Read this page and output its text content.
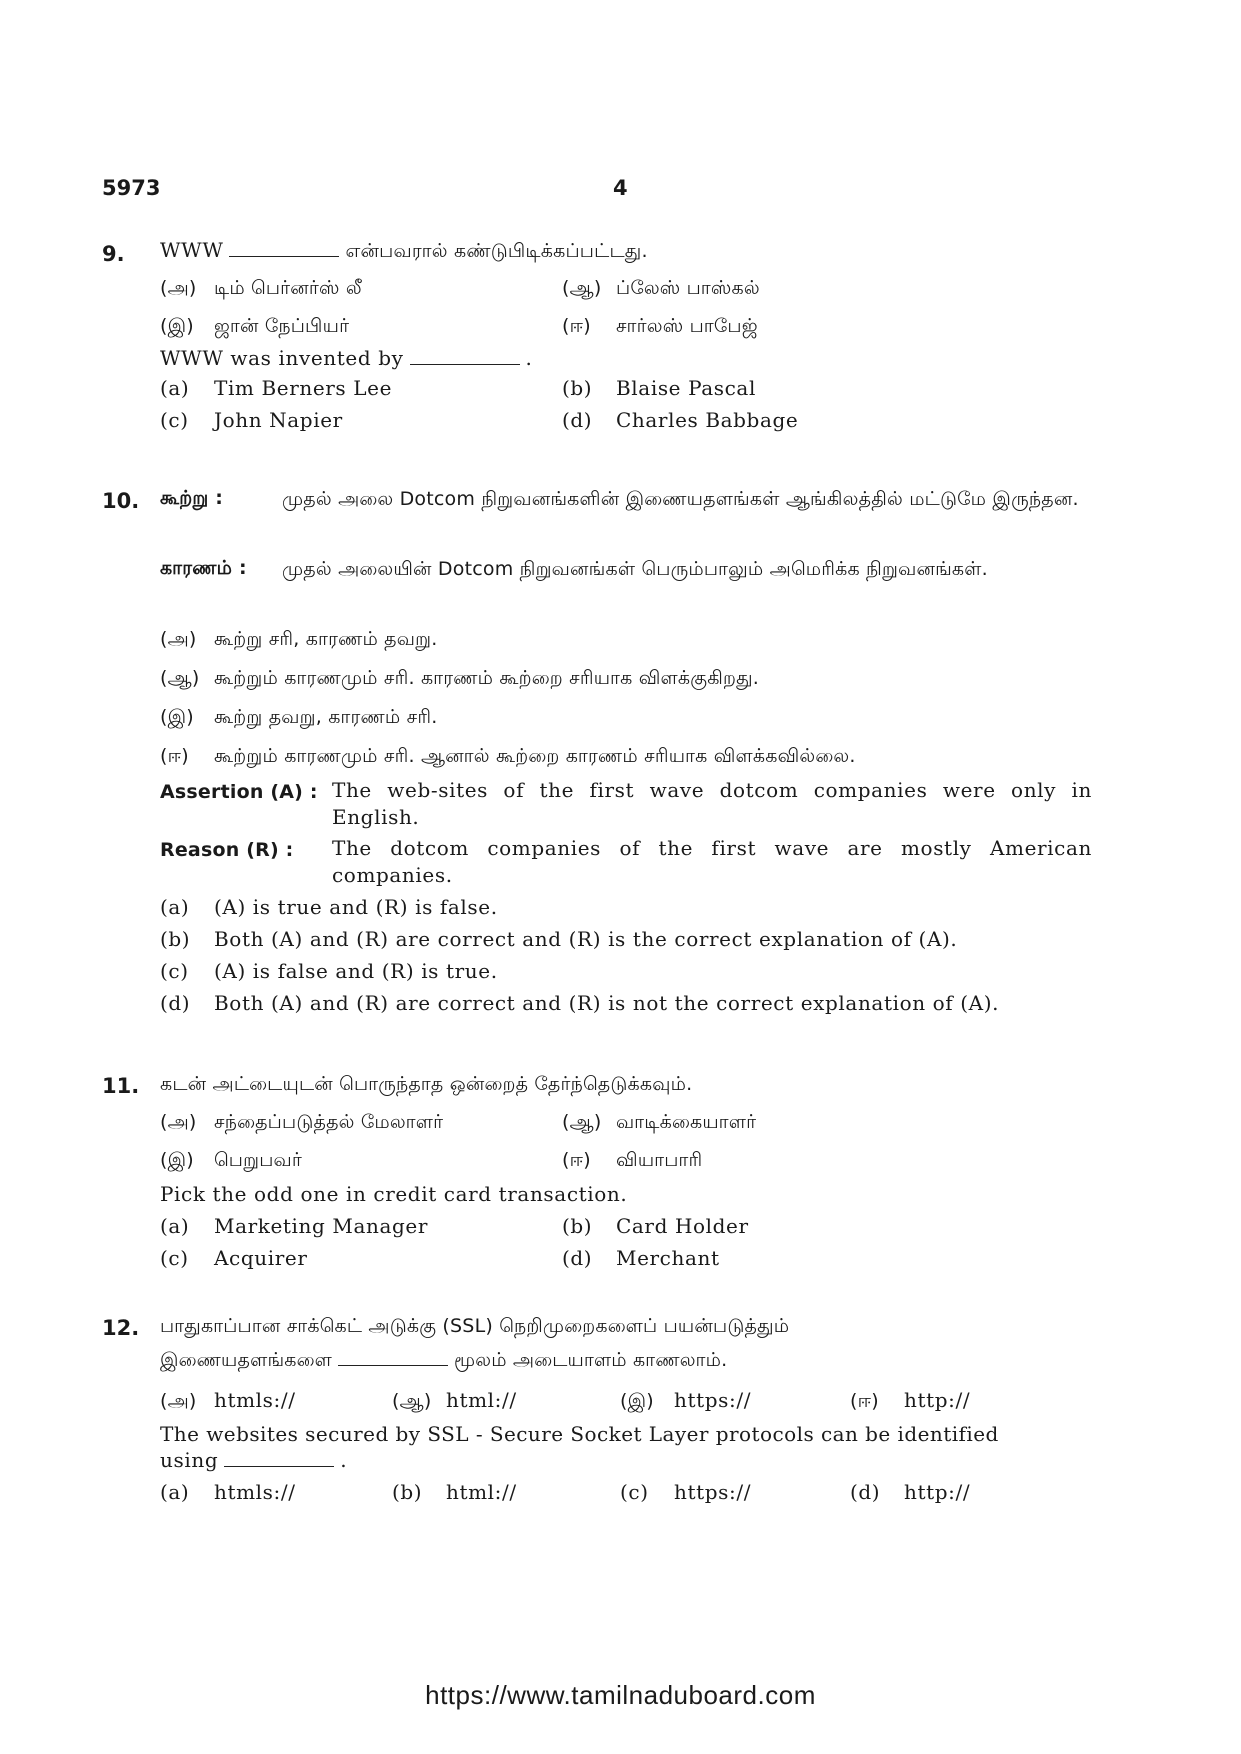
5973	4
9. WWW	என்பவரால் கண்டுபிடிக்கப்பட்டது.
(அ) டிம் பெர்னர்ஸ் லீ	(ஆ) ப்லேஸ் பாஸ்கல்
(இ) ஜான் நேப்பியர்	(ஈ) சார்லஸ் பாபேஜ்
WWW was invented by	.
(a) Tim Berners Lee	(b) Blaise Pascal
(c) John Napier	(d) Charles Babbage
10. கூற்று :	முதல் அலை Dotcom நிறுவனங்களின் இணையதளங்கள் ஆங்கிலத்தில் மட்டுமே இருந்தன.
காரணம் : முதல் அலையின் Dotcom நிறுவனங்கள் பெரும்பாலும் அமெரிக்க நிறுவனங்கள்.
(அ) கூற்று சரி, காரணம் தவறு.
(ஆ) கூற்றும் காரணமும் சரி. காரணம் கூற்றை சரியாக விளக்குகிறது.
(இ) கூற்று தவறு, காரணம் சரி.
(ஈ) கூற்றும் காரணமும் சரி. ஆனால் கூற்றை காரணம் சரியாக விளக்கவில்லை.
Assertion (A) : The web-sites of the first wave dotcom companies were only in English.
Reason (R) : The dotcom companies of the first wave are mostly American companies.
(a) (A) is true and (R) is false.
(b) Both (A) and (R) are correct and (R) is the correct explanation of (A).
(c) (A) is false and (R) is true.
(d) Both (A) and (R) are correct and (R) is not the correct explanation of (A).
11. கடன் அட்டையுடன் பொருந்தாத ஒன்றைத் தேர்ந்தெடுக்கவும்.
(அ) சந்தைப்படுத்தல் மேலாளர்	(ஆ) வாடிக்கையாளர்
(இ) பெறுபவர்	(ஈ) வியாபாரி
Pick the odd one in credit card transaction.
(a) Marketing Manager	(b) Card Holder
(c) Acquirer	(d) Merchant
12. பாதுகாப்பான சாக்கெட் அடுக்கு (SSL) நெறிமுறைகளைப் பயன்படுத்தும்
இணையதளங்களை	மூலம் அடையாளம் காணலாம்.
(அ) htmls://	(ஆ) html://	(இ) https://	(ஈ) http://
The websites secured by SSL - Secure Socket Layer protocols can be identified
using	.
(a) htmls://	(b) html://	(c) https://	(d) http://
https://www.tamilnaduboard.com
